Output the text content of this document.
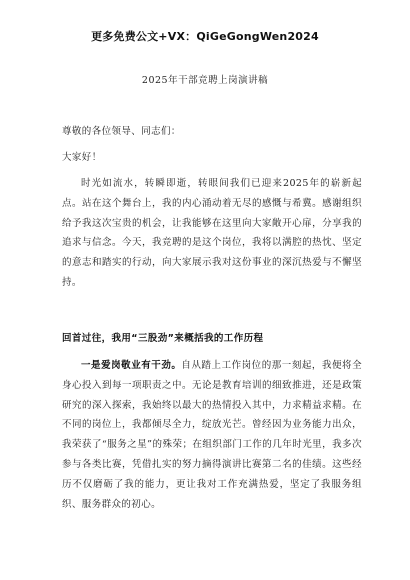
更多免费公文+VX：QiGeGongWen2024
2025年干部竞聘上岗演讲稿

尊敬的各位领导、同志们：

大家好！

时光如流水，转瞬即逝，转眼间我们已迎来2025年的崭新起点。站在这个舞台上，我的内心涌动着无尽的感慨与希冀。感谢组织给予我这次宝贵的机会，让我能够在这里向大家敞开心扉，分享我的追求与信念。今天，我竞聘的是这个岗位，我将以满腔的热忱、坚定的意志和踏实的行动，向大家展示我对这份事业的深沉热爱与不懈坚持。

回首过往，我用“三股劲”来概括我的工作历程

一是爱岗敬业有干劲。自从踏上工作岗位的那一刻起，我便将全身心投入到每一项职责之中。无论是教育培训的细致推进，还是政策研究的深入探索，我始终以最大的热情投入其中，力求精益求精。在不同的岗位上，我都倾尽全力，绽放光芒。曾经因为业务能力出众，我荣获了“服务之星”的殊荣；在组织部门工作的几年时光里，我多次参与各类比赛，凭借扎实的努力摘得演讲比赛第二名的佳绩。这些经历不仅磨砺了我的能力，更让我对工作充满热爱，坚定了我服务组织、服务群众的初心。
